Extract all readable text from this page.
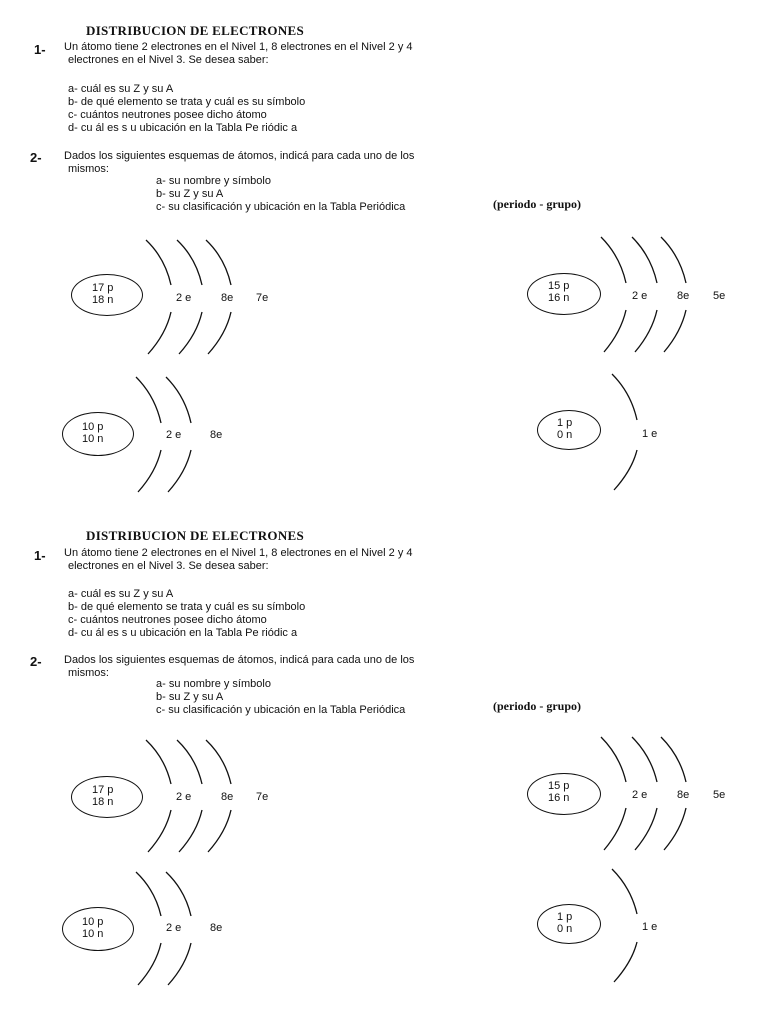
DISTRIBUCION DE ELECTRONES
1- Un átomo tiene 2 electrones en el Nivel 1, 8 electrones en el Nivel 2 y 4
electrones en el Nivel 3. Se desea saber:
a- cuál es su Z y su A
b- de qué elemento se trata y cuál es su símbolo
c- cuántos neutrones posee dicho átomo
d- cu ál es s u ubicación en la Tabla Pe riódic a
2- Dados los siguientes esquemas de átomos, indicá para cada uno de los
mismos:
a- su nombre y símbolo
b- su Z y su A
c- su clasificación y ubicación en la Tabla Periódica	(periodo - grupo)
17 p
18 n	2 e	8e 7e
15 p
16 n	2 e	8e 5e
10 p
10 n	2 e	8e
1 p
0 n	1 e
DISTRIBUCION DE ELECTRONES
1- Un átomo tiene 2 electrones en el Nivel 1, 8 electrones en el Nivel 2 y 4
electrones en el Nivel 3. Se desea saber:
a- cuál es su Z y su A
b- de qué elemento se trata y cuál es su símbolo
c- cuántos neutrones posee dicho átomo
d- cu ál es s u ubicación en la Tabla Pe riódic a
2- Dados los siguientes esquemas de átomos, indicá para cada uno de los
mismos:
a- su nombre y símbolo
b- su Z y su A
c- su clasificación y ubicación en la Tabla Periódica	(periodo - grupo)
17 p
18 n	2 e	8e 7e
15 p
16 n	2 e	8e 5e
10 p
10 n	2 e	8e
1 p
0 n	1 e
